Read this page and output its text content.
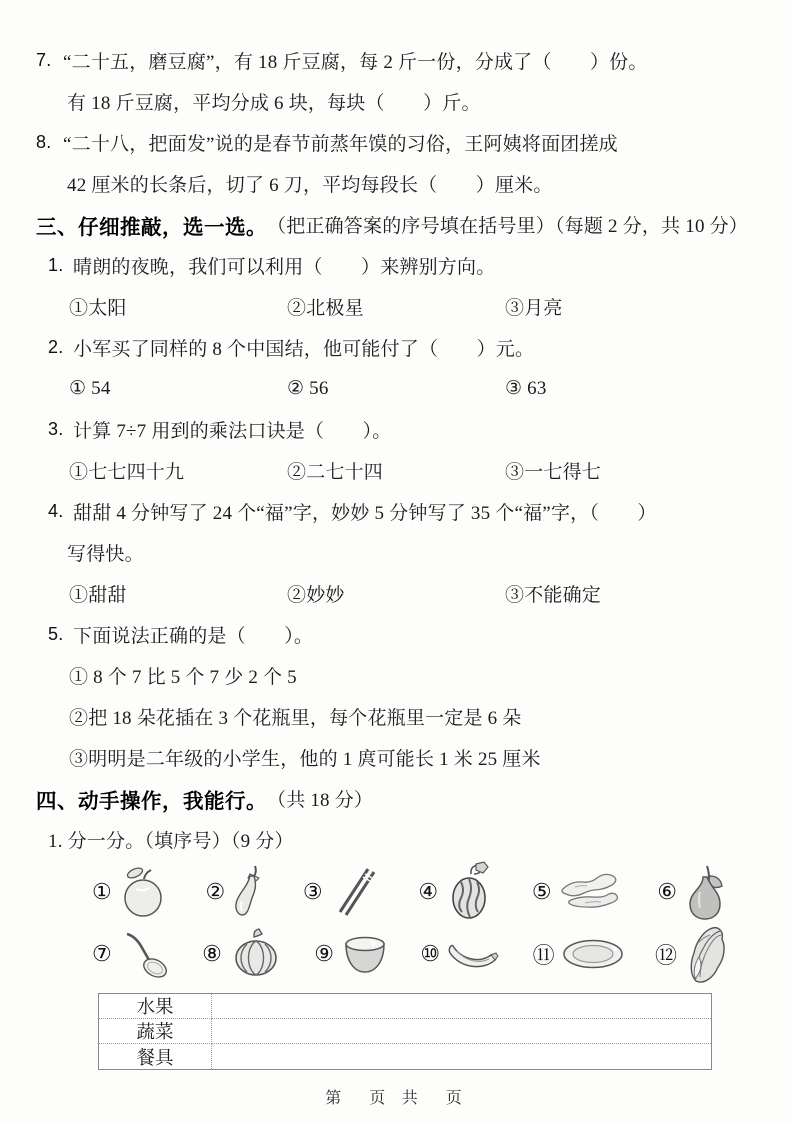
7. “二十五，磨豆腐”，有 18 斤豆腐，每 2 斤一份，分成了（　　）份。
有 18 斤豆腐，平均分成 6 块，每块（　　）斤。
8. “二十八，把面发”说的是春节前蒸年馍的习俗，王阿姨将面团搓成
42 厘米的长条后，切了 6 刀，平均每段长（　　）厘米。
三、仔细推敲，选一选。 （把正确答案的序号填在括号里）（每题 2 分，共 10 分）
1. 晴朗的夜晚，我们可以利用（　　）来辨别方向。
①太阳	②北极星	③月亮
2. 小军买了同样的 8 个中国结，他可能付了（　　）元。
① 54	② 56	③ 63
3. 计算 7÷7 用到的乘法口诀是（　　）。
①七七四十九	②二七十四	③一七得七
4. 甜甜 4 分钟写了 24 个“福”字，妙妙 5 分钟写了 35 个“福”字，（　　）
写得快。
①甜甜	②妙妙	③不能确定
5. 下面说法正确的是（　　）。
① 8 个 7 比 5 个 7 少 2 个 5
②把 18 朵花插在 3 个花瓶里，每个花瓶里一定是 6 朵
③明明是二年级的小学生，他的 1 庹可能长 1 米 25 厘米
四、动手操作，我能行。 （共 18 分）
1. 分一分。（填序号）（9 分）
①	②	③	④	⑤	⑥
⑦	⑧	⑨	⑩	⑪	⑫
水果
蔬菜
餐具
第　页 共　页
